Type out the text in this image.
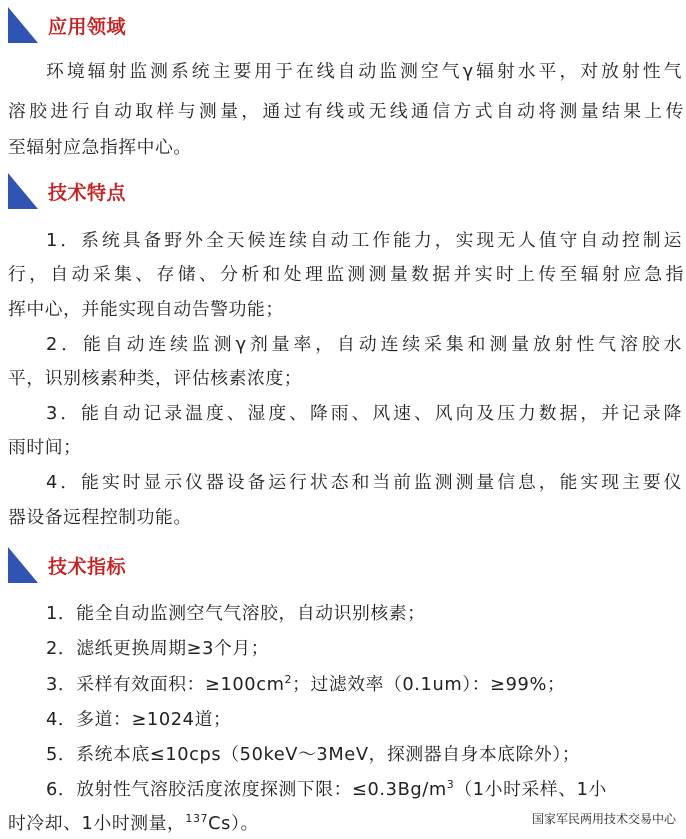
应用领域
环境辐射监测系统主要用于在线自动监测空气γ辐射水平，对放射性气
溶胶进行自动取样与测量，通过有线或无线通信方式自动将测量结果上传
至辐射应急指挥中心。
技术特点
1．系统具备野外全天候连续自动工作能力，实现无人值守自动控制运
行，自动采集、存储、分析和处理监测测量数据并实时上传至辐射应急指
挥中心，并能实现自动告警功能；
2．能自动连续监测γ剂量率，自动连续采集和测量放射性气溶胶水
平，识别核素种类，评估核素浓度；
3．能自动记录温度、湿度、降雨、风速、风向及压力数据，并记录降
雨时间；
4．能实时显示仪器设备运行状态和当前监测测量信息，能实现主要仪
器设备远程控制功能。
技术指标
1．能全自动监测空气气溶胶，自动识别核素；
2．滤纸更换周期≥3个月；
3．采样有效面积：$\ge 100cm^2$；过滤效率（0.1um）：≥99%；
4．多道：≥1024道；
5．系统本底≤10cps（50keV～3MeV，探测器自身本底除外）；
6．放射性气溶胶活度浓度探测下限：$\le 0.3Bg/m^3(1$小时采样、1小
时冷却、1小时测量，$^{137}$Cs）。	国家军民两用技术交易中心
